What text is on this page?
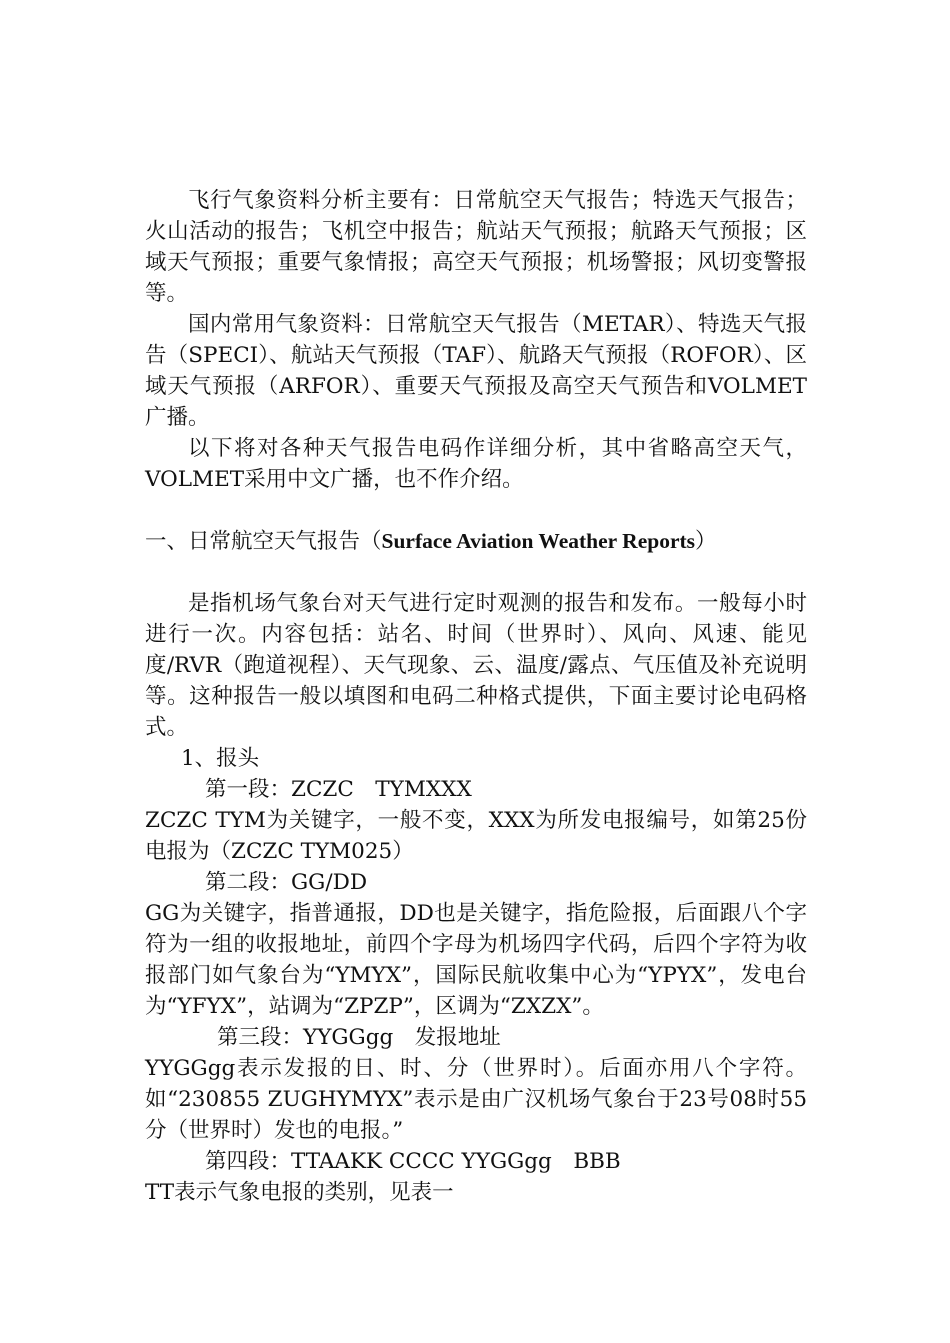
飞行气象资料分析主要有：日常航空天气报告；特选天气报告；火山活动的报告；飞机空中报告；航站天气预报；航路天气预报；区域天气预报；重要气象情报；高空天气预报；机场警报；风切变警报等。

国内常用气象资料：日常航空天气报告（METAR）、特选天气报告（SPECI）、航站天气预报（TAF）、航路天气预报（ROFOR）、区域天气预报（ARFOR）、重要天气预报及高空天气预告和VOLMET广播。

以下将对各种天气报告电码作详细分析，其中省略高空天气，VOLMET采用中文广播，也不作介绍。

一、日常航空天气报告（Surface Aviation Weather Reports）

是指机场气象台对天气进行定时观测的报告和发布。一般每小时进行一次。内容包括：站名、时间（世界时）、风向、风速、能见度/RVR（跑道视程）、天气现象、云、温度/露点、气压值及补充说明等。这种报告一般以填图和电码二种格式提供，下面主要讨论电码格式。

1、报头

第一段：ZCZC　TYMXXX

ZCZC TYM为关键字，一般不变，XXX为所发电报编号，如第25份电报为（ZCZC TYM025）

第二段：GG/DD

GG为关键字，指普通报，DD也是关键字，指危险报，后面跟八个字符为一组的收报地址，前四个字母为机场四字代码，后四个字符为收报部门如气象台为“YMYX”，国际民航收集中心为“YPYX”，发电台为“YFYX”，站调为“ZPZP”，区调为“ZXZX”。

第三段：YYGGgg　发报地址

YYGGgg表示发报的日、时、分（世界时）。后面亦用八个字符。如“230855 ZUGHYMYX”表示是由广汉机场气象台于23号08时55分（世界时）发也的电报。”

第四段：TTAAKK CCCC YYGGgg　BBB

TT表示气象电报的类别，见表一
